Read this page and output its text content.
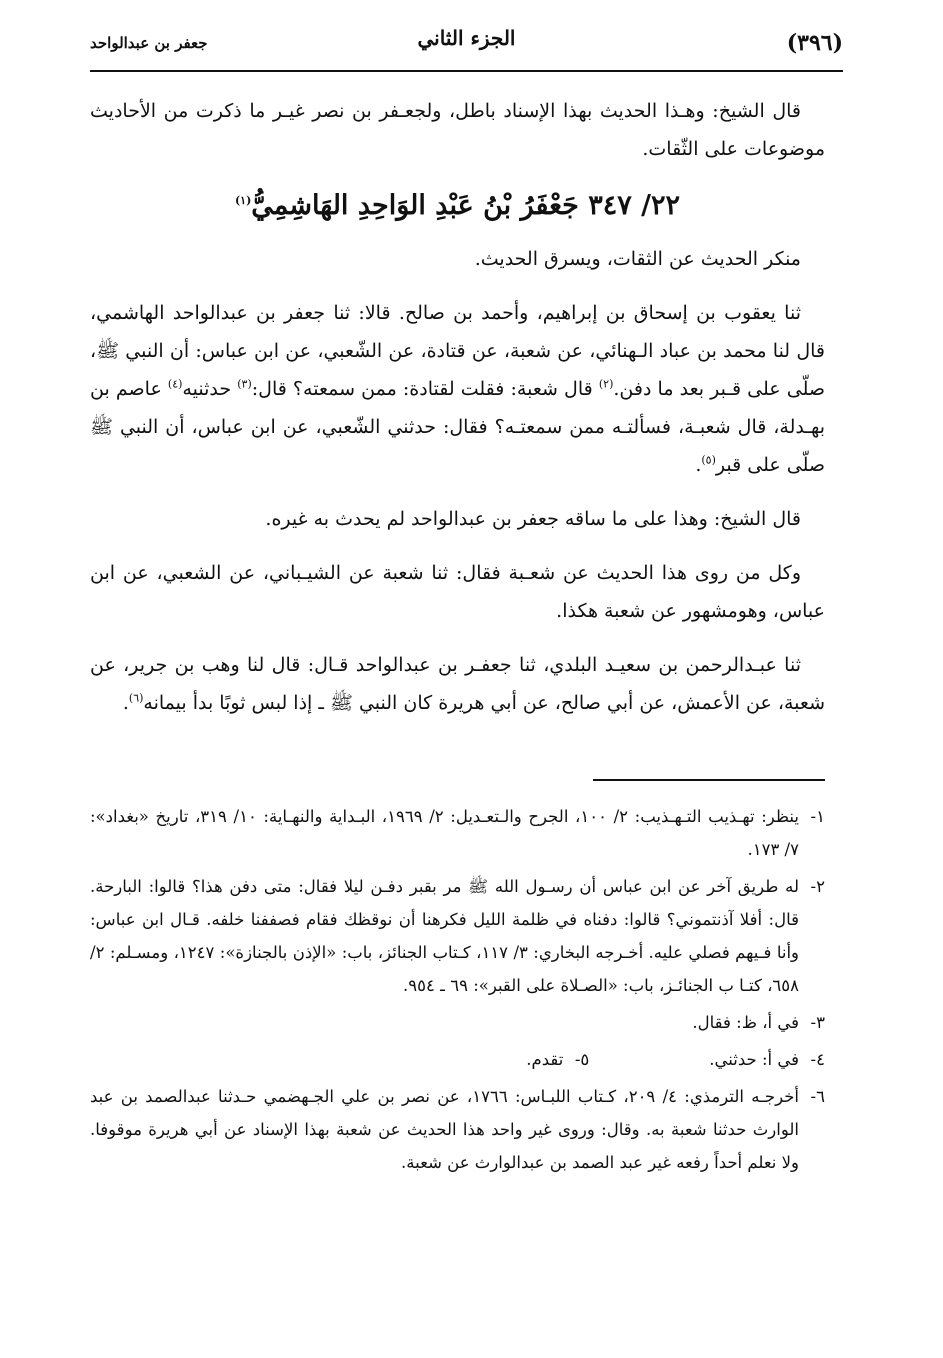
(٣٩٦)
الجزء الثاني
جعفر بن عبدالواحد

قال الشيخ: وهـذا الحديث بهذا الإسناد باطل، ولجعـفر بن نصر غيـر ما ذكرت من الأحاديث موضوعات على الثّقات.

٢٢/ ٣٤٧ جَعْفَرُ بْنُ عَبْدِ الوَاحِدِ الهَاشِمِيُّ$^{(١)}$

منكر الحديث عن الثقات، ويسرق الحديث.

ثنا يعقوب بن إسحاق بن إبراهيم، وأحمد بن صالح. قالا: ثنا جعفر بن عبدالواحد الهاشمي، قال لنا محمد بن عباد الـهنائي، عن شعبة، عن قتادة، عن الشّعبي، عن ابن عباس: أن النبي ﷺ، صلّى على قـبر بعد ما دفن.$^{(٢)}$ قال شعبة: فقلت لقتادة: ممن سمعته؟ قال:$^{(٣)}$ حدثنيه$^{(٤)}$ عاصم بن بهـدلة، قال شعبـة، فسألتـه ممن سمعتـه؟ فقال: حدثني الشّعبي، عن ابن عباس، أن النبي ﷺ صلّى على قبر$^{(٥)}$.

قال الشيخ: وهذا على ما ساقه جعفر بن عبدالواحد لم يحدث به غيره.

وكل من روى هذا الحديث عن شعـبة فقال: ثنا شعبة عن الشيـباني، عن الشعبي، عن ابن عباس، وهومشهور عن شعبة هكذا.

ثنا عبـدالرحمن بن سعيـد البلدي، ثنا جعفـر بن عبدالواحد قـال: قال لنا وهب بن جرير، عن شعبة، عن الأعمش، عن أبي صالح، عن أبي هريرة كان النبي ﷺ ـ إذا لبس ثوبًا بدأ بيمانه$^{(٦)}$.

١-
ينظر: تهـذيب التـهـذيب: ٢/ ١٠٠، الجرح والـتعـديل: ٢/ ١٩٦٩، البـداية والنهـاية: ١٠/ ٣١٩، تاريخ «بغداد»: ٧/ ١٧٣.
٢-
له طريق آخر عن ابن عباس أن رسـول الله ﷺ مر بقبر دفـن ليلا فقال: متى دفن هذا؟ قالوا: البارحة. قال: أفلا آذنتموني؟ قالوا: دفناه في ظلمة الليل فكرهنا أن نوقظك فقام فصففنا خلفه. قـال ابن عباس: وأنا فـيهم فصلي عليه. أخـرجه البخاري: ٣/ ١١٧، كـتاب الجنائز، باب: «الإذن بالجنازة»: ١٢٤٧، ومسـلم: ٢/ ٦٥٨، كتـا ب الجنائـز، باب: «الصـلاة على القبر»: ٦٩ ـ ٩٥٤.
٣-
في أ، ظ: فقال.
٤-
في أ: حدثني.
٥-
تقدم.
٦-
أخرجـه الترمذي: ٤/ ٢٠٩، كـتاب اللبـاس: ١٧٦٦، عن نصر بن علي الجـهضمي حـدثنا عبدالصمد بن عبد الوارث حدثنا شعبة به. وقال: وروى غير واحد هذا الحديث عن شعبة بهذا الإسناد عن أبي هريرة موقوفا. ولا نعلم أحداً رفعه غير عبد الصمد بن عبدالوارث عن شعبة.
